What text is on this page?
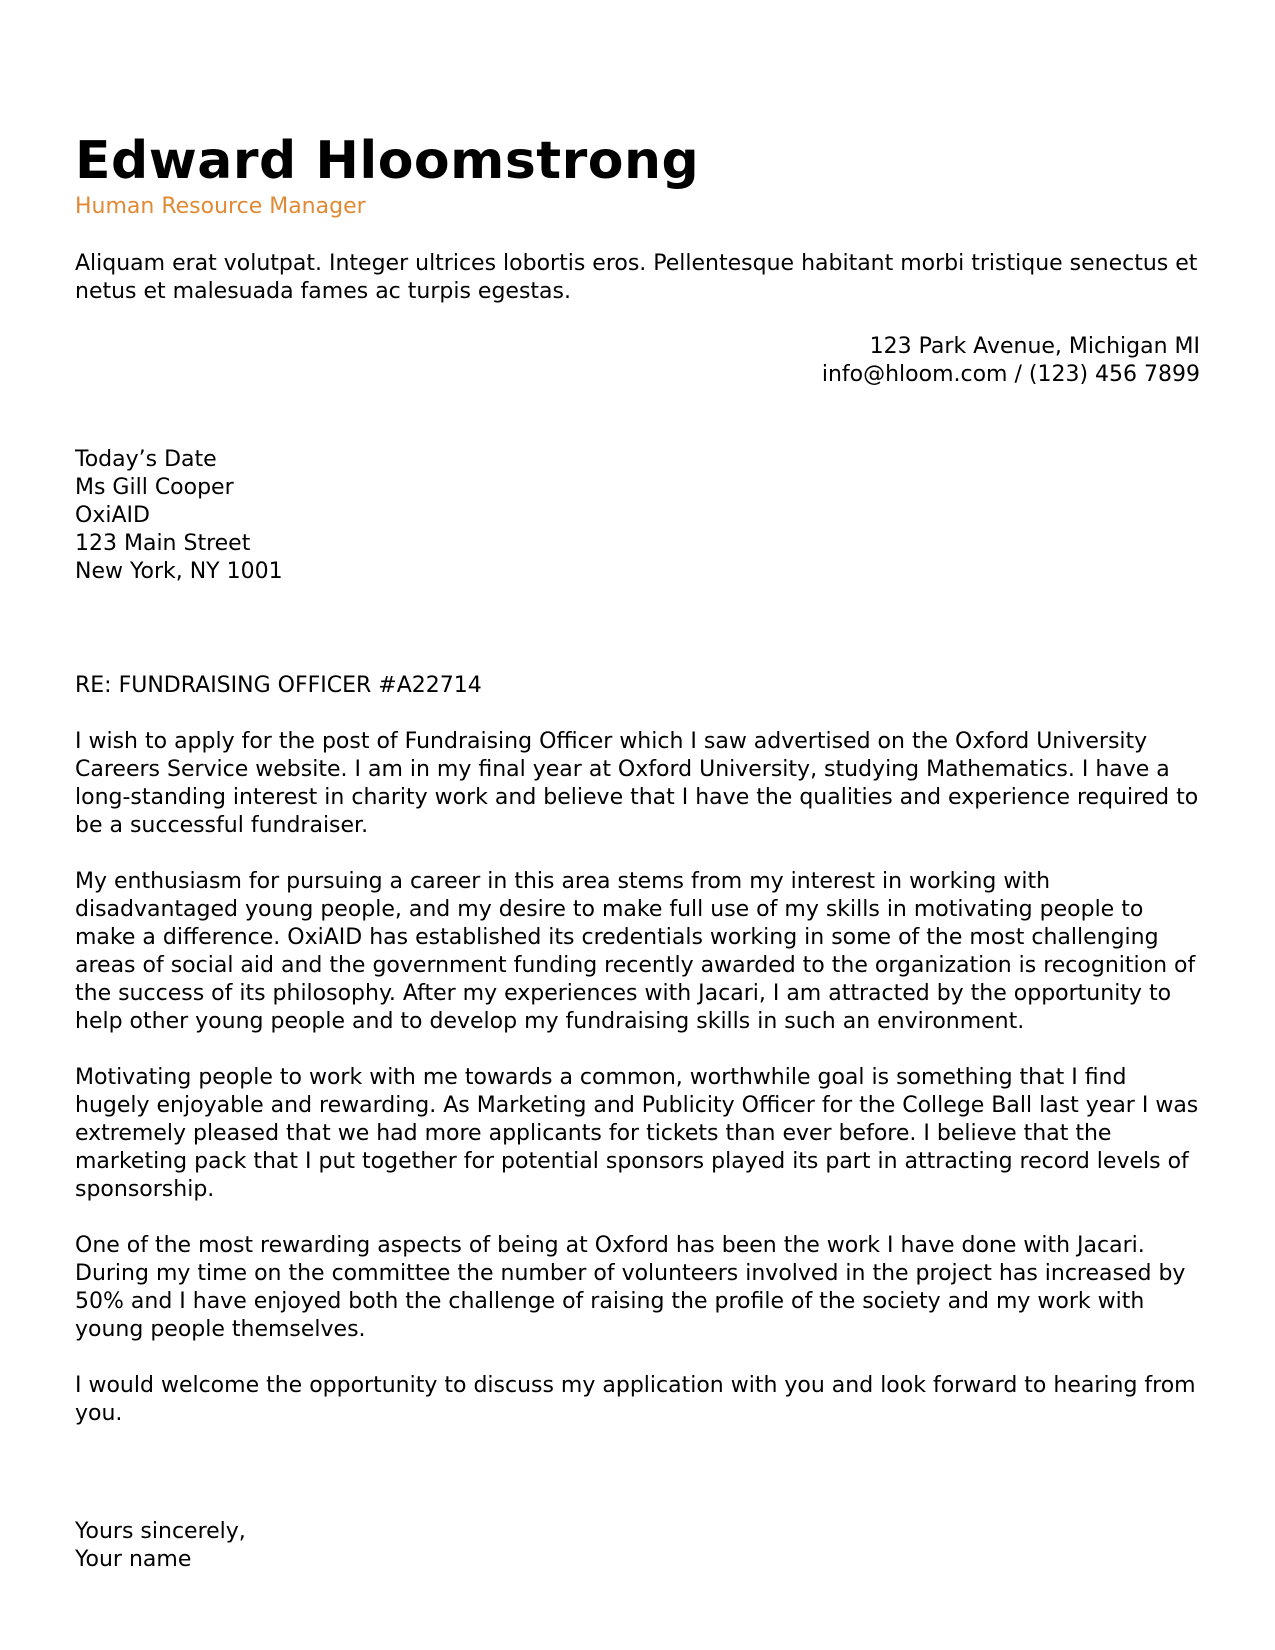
Edward Hloomstrong
Human Resource Manager

Aliquam erat volutpat. Integer ultrices lobortis eros. Pellentesque habitant morbi tristique senectus et netus et malesuada fames ac turpis egestas.

123 Park Avenue, Michigan MI
info@hloom.com / (123) 456 7899
Today’s Date
Ms Gill Cooper
OxiAID
123 Main Street
New York, NY 1001
RE: FUNDRAISING OFFICER #A22714

I wish to apply for the post of Fundraising Officer which I saw advertised on the Oxford University Careers Service website. I am in my final year at Oxford University, studying Mathematics. I have a long-standing interest in charity work and believe that I have the qualities and experience required to be a successful fundraiser.

My enthusiasm for pursuing a career in this area stems from my interest in working with disadvantaged young people, and my desire to make full use of my skills in motivating people to make a difference. OxiAID has established its credentials working in some of the most challenging areas of social aid and the government funding recently awarded to the organization is recognition of the success of its philosophy. After my experiences with Jacari, I am attracted by the opportunity to help other young people and to develop my fundraising skills in such an environment.

Motivating people to work with me towards a common, worthwhile goal is something that I find hugely enjoyable and rewarding. As Marketing and Publicity Officer for the College Ball last year I was extremely pleased that we had more applicants for tickets than ever before. I believe that the marketing pack that I put together for potential sponsors played its part in attracting record levels of sponsorship.

One of the most rewarding aspects of being at Oxford has been the work I have done with Jacari. During my time on the committee the number of volunteers involved in the project has increased by 50% and I have enjoyed both the challenge of raising the profile of the society and my work with young people themselves.

I would welcome the opportunity to discuss my application with you and look forward to hearing from you.

Yours sincerely,
Your name
